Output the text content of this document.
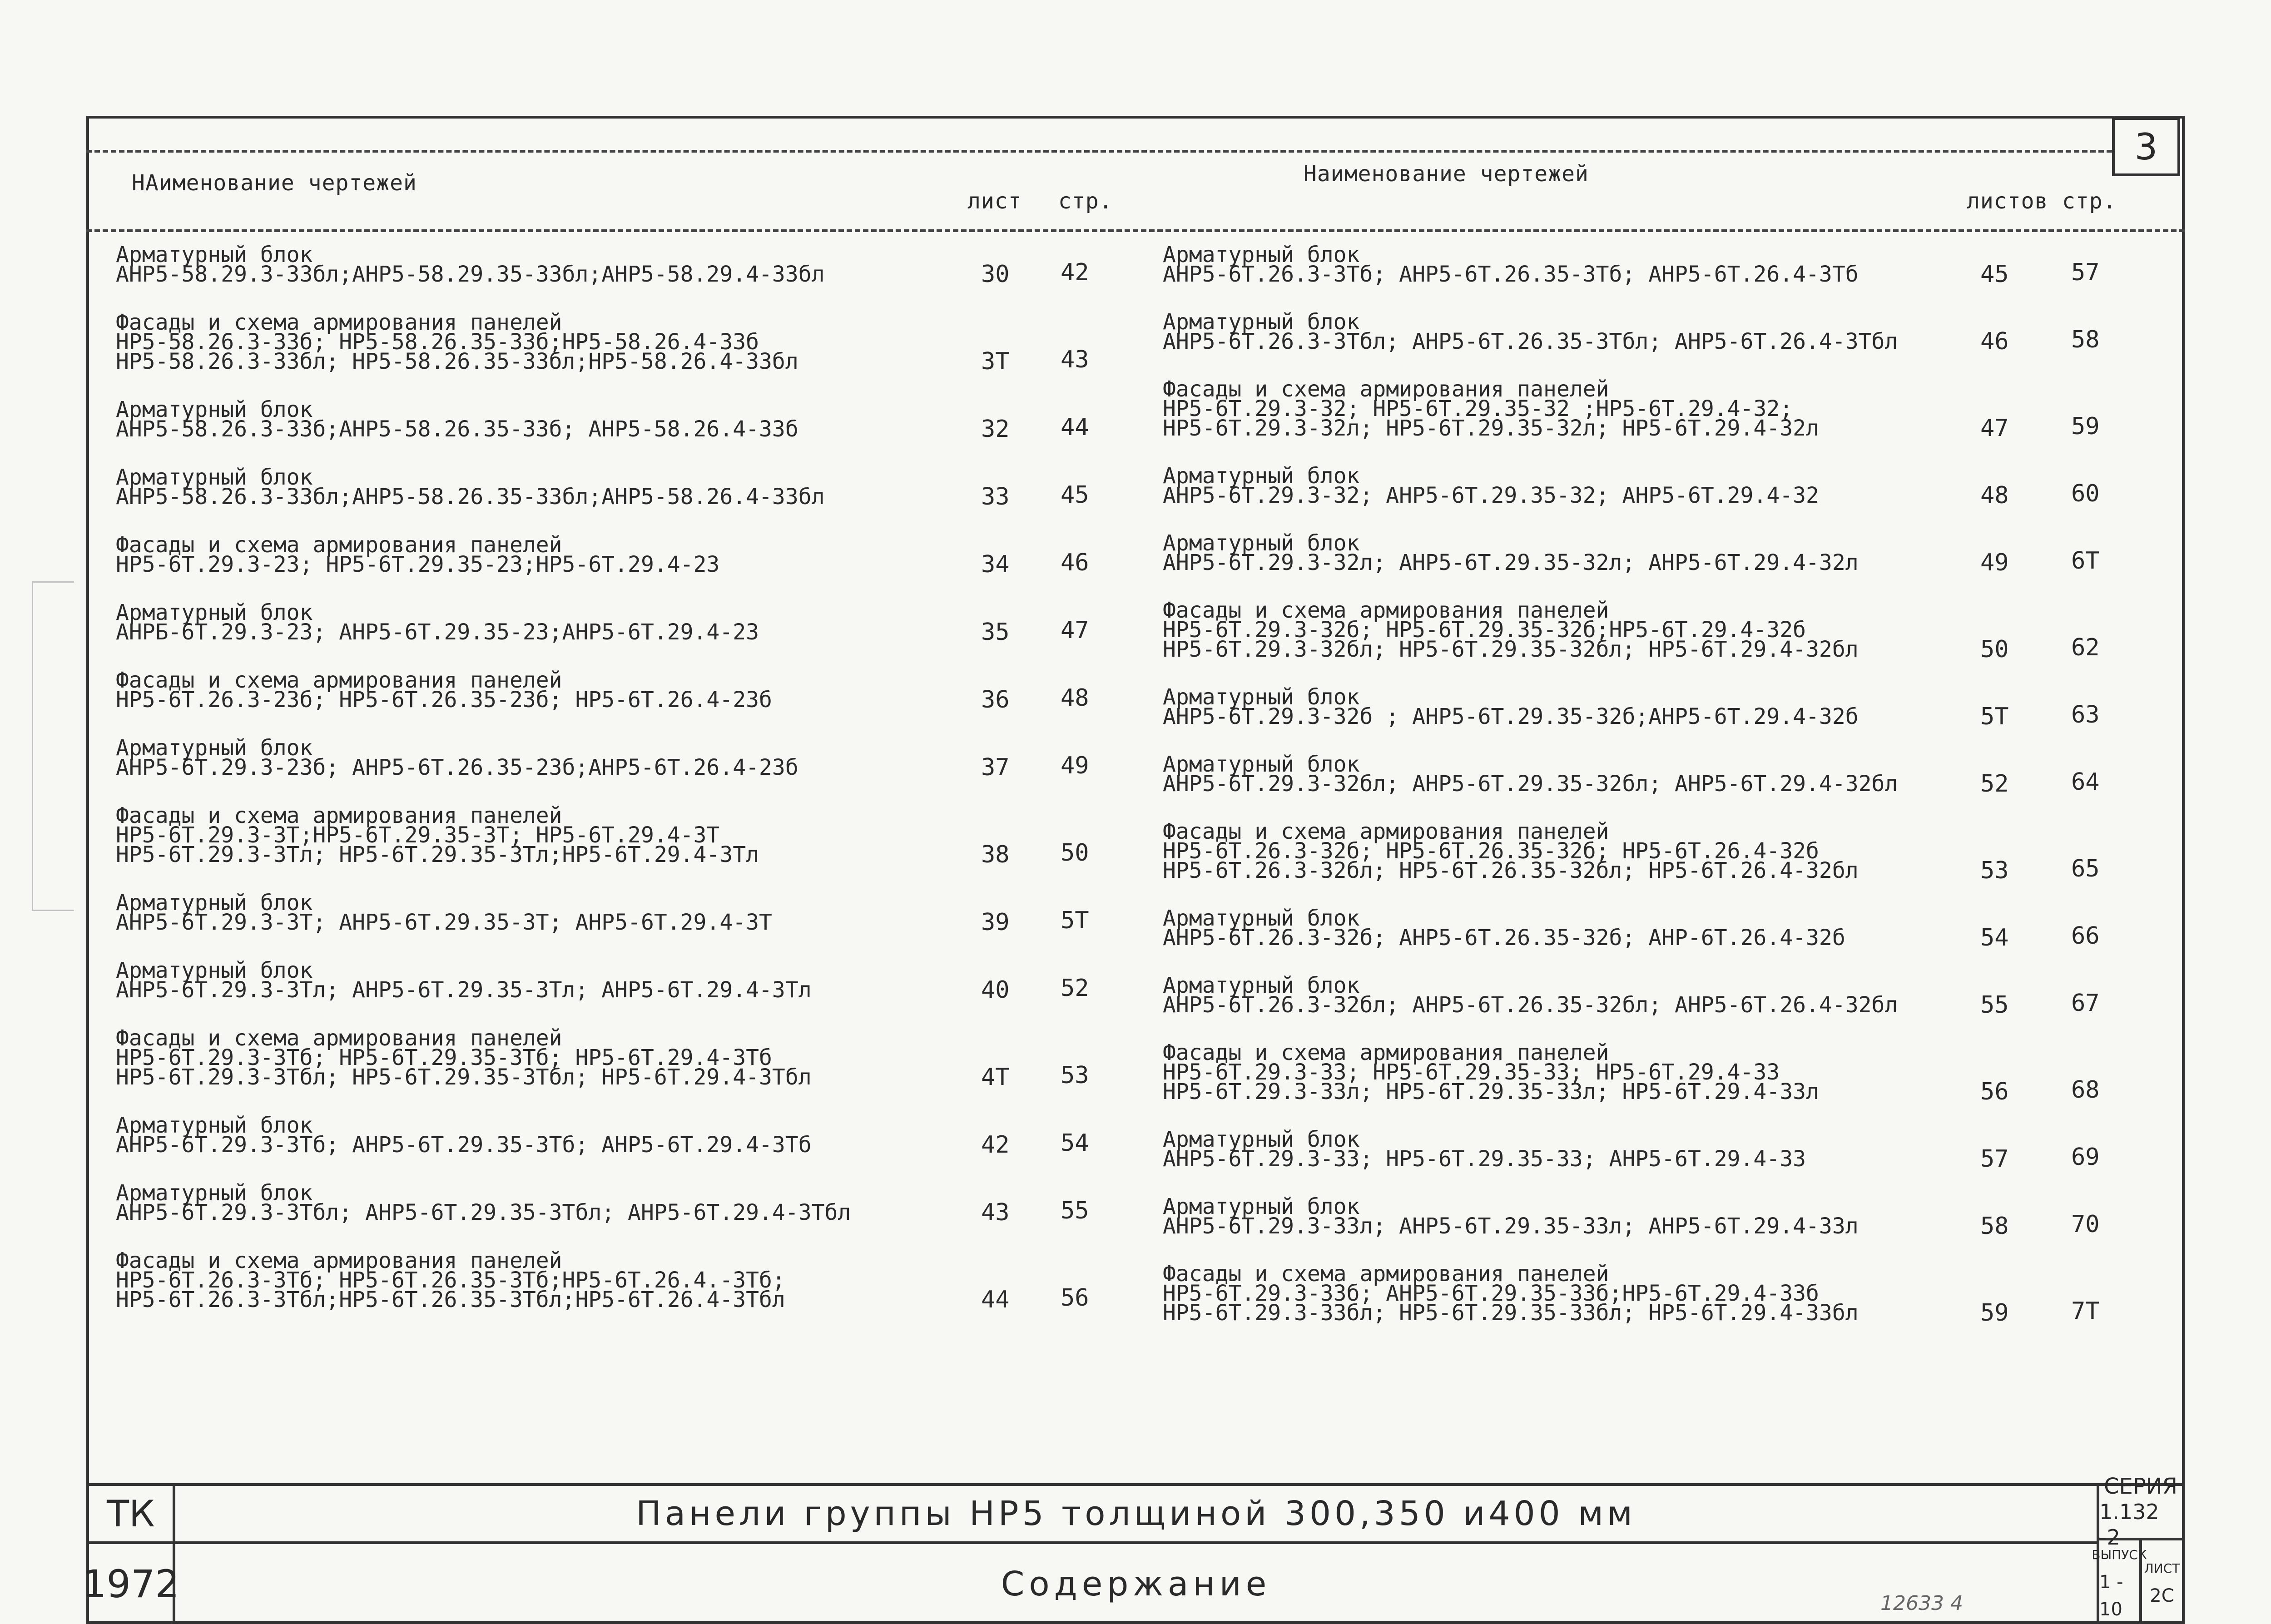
3
НАименование чертежей
лист стр.
Наименование чертежей
листов стр.
Арматурный блок
АНР5-58.29.3-33бл;АНР5-58.29.35-33бл;АНР5-58.29.4-33бл	30 42
Фасады и схема армирования панелей
НР5-58.26.3-33б; НР5-58.26.35-33б;НР5-58.26.4-33б
НР5-58.26.3-33бл; НР5-58.26.35-33бл;НР5-58.26.4-33бл	3Т 43
Арматурный блок
АНР5-58.26.3-33б;АНР5-58.26.35-33б; АНР5-58.26.4-33б	32 44
Арматурный блок
АНР5-58.26.3-33бл;АНР5-58.26.35-33бл;АНР5-58.26.4-33бл	33 45
Фасады и схема армирования панелей
НР5-6Т.29.3-23; НР5-6Т.29.35-23;НР5-6Т.29.4-23	34 46
Арматурный блок
АНРБ-6Т.29.3-23; АНР5-6Т.29.35-23;АНР5-6Т.29.4-23	35 47
Фасады и схема армирования панелей
НР5-6Т.26.3-23б; НР5-6Т.26.35-23б; НР5-6Т.26.4-23б	36 48
Арматурный блок
АНР5-6Т.29.3-23б; АНР5-6Т.26.35-23б;АНР5-6Т.26.4-23б	37 49
Фасады и схема армирования панелей
НР5-6Т.29.3-3Т;НР5-6Т.29.35-3Т; НР5-6Т.29.4-3Т
НР5-6Т.29.3-3Тл; НР5-6Т.29.35-3Тл;НР5-6Т.29.4-3Тл	38 50
Арматурный блок
АНР5-6Т.29.3-3Т; АНР5-6Т.29.35-3Т; АНР5-6Т.29.4-3Т	39 5Т
Арматурный блок
АНР5-6Т.29.3-3Тл; АНР5-6Т.29.35-3Тл; АНР5-6Т.29.4-3Тл	40 52
Фасады и схема армирования панелей
НР5-6Т.29.3-3Тб; НР5-6Т.29.35-3Тб; НР5-6Т.29.4-3Тб
НР5-6Т.29.3-3Тбл; НР5-6Т.29.35-3Тбл; НР5-6Т.29.4-3Тбл	4Т 53
Арматурный блок
АНР5-6Т.29.3-3Тб; АНР5-6Т.29.35-3Тб; АНР5-6Т.29.4-3Тб	42 54
Арматурный блок
АНР5-6Т.29.3-3Тбл; АНР5-6Т.29.35-3Тбл; АНР5-6Т.29.4-3Тбл	43 55
Фасады и схема армирования панелей
НР5-6Т.26.3-3Тб; НР5-6Т.26.35-3Тб;НР5-6Т.26.4.-3Тб;
НР5-6Т.26.3-3Тбл;НР5-6Т.26.35-3Тбл;НР5-6Т.26.4-3Тбл	44 56
Арматурный блок
АНР5-6Т.26.3-3Тб; АНР5-6Т.26.35-3Тб; АНР5-6Т.26.4-3Тб	45	57
Арматурный блок
АНР5-6Т.26.3-3Тбл; АНР5-6Т.26.35-3Тбл; АНР5-6Т.26.4-3Тбл	46	58
Фасады и схема армирования панелей
НР5-6Т.29.3-32; НР5-6Т.29.35-32 ;НР5-6Т.29.4-32;
НР5-6Т.29.3-32л; НР5-6Т.29.35-32л; НР5-6Т.29.4-32л	47	59
Арматурный блок
АНР5-6Т.29.3-32; АНР5-6Т.29.35-32; АНР5-6Т.29.4-32	48	60
Арматурный блок
АНР5-6Т.29.3-32л; АНР5-6Т.29.35-32л; АНР5-6Т.29.4-32л	49	6Т
Фасады и схема армирования панелей
НР5-6Т.29.3-32б; НР5-6Т.29.35-32б;НР5-6Т.29.4-32б
НР5-6Т.29.3-32бл; НР5-6Т.29.35-32бл; НР5-6Т.29.4-32бл	50	62
Арматурный блок
АНР5-6Т.29.3-32б ; АНР5-6Т.29.35-32б;АНР5-6Т.29.4-32б	5Т	63
Арматурный блок
АНР5-6Т.29.3-32бл; АНР5-6Т.29.35-32бл; АНР5-6Т.29.4-32бл	52	64
Фасады и схема армирования панелей
НР5-6Т.26.3-32б; НР5-6Т.26.35-32б; НР5-6Т.26.4-32б
НР5-6Т.26.3-32бл; НР5-6Т.26.35-32бл; НР5-6Т.26.4-32бл	53	65
Арматурный блок
АНР5-6Т.26.3-32б; АНР5-6Т.26.35-32б; АНР-6Т.26.4-32б	54	66
Арматурный блок
АНР5-6Т.26.3-32бл; АНР5-6Т.26.35-32бл; АНР5-6Т.26.4-32бл	55	67
Фасады и схема армирования панелей
НР5-6Т.29.3-33; НР5-6Т.29.35-33; НР5-6Т.29.4-33
НР5-6Т.29.3-33л; НР5-6Т.29.35-33л; НР5-6Т.29.4-33л	56	68
Арматурный блок
АНР5-6Т.29.3-33; НР5-6Т.29.35-33; АНР5-6Т.29.4-33	57	69
Арматурный блок
АНР5-6Т.29.3-33л; АНР5-6Т.29.35-33л; АНР5-6Т.29.4-33л	58	70
Фасады и схема армирования панелей
НР5-6Т.29.3-33б; АНР5-6Т.29.35-33б;НР5-6Т.29.4-33б
НР5-6Т.29.3-33бл; НР5-6Т.29.35-33бл; НР5-6Т.29.4-33бл	59	7Т
ТК
1972
Панели группы НР5 толщиной 300,350 и400 мм
Содержание
СЕРИЯ
1.132 -2
ВЫПУСК
1 - 10
ЛИСТ
2С
12633 4
